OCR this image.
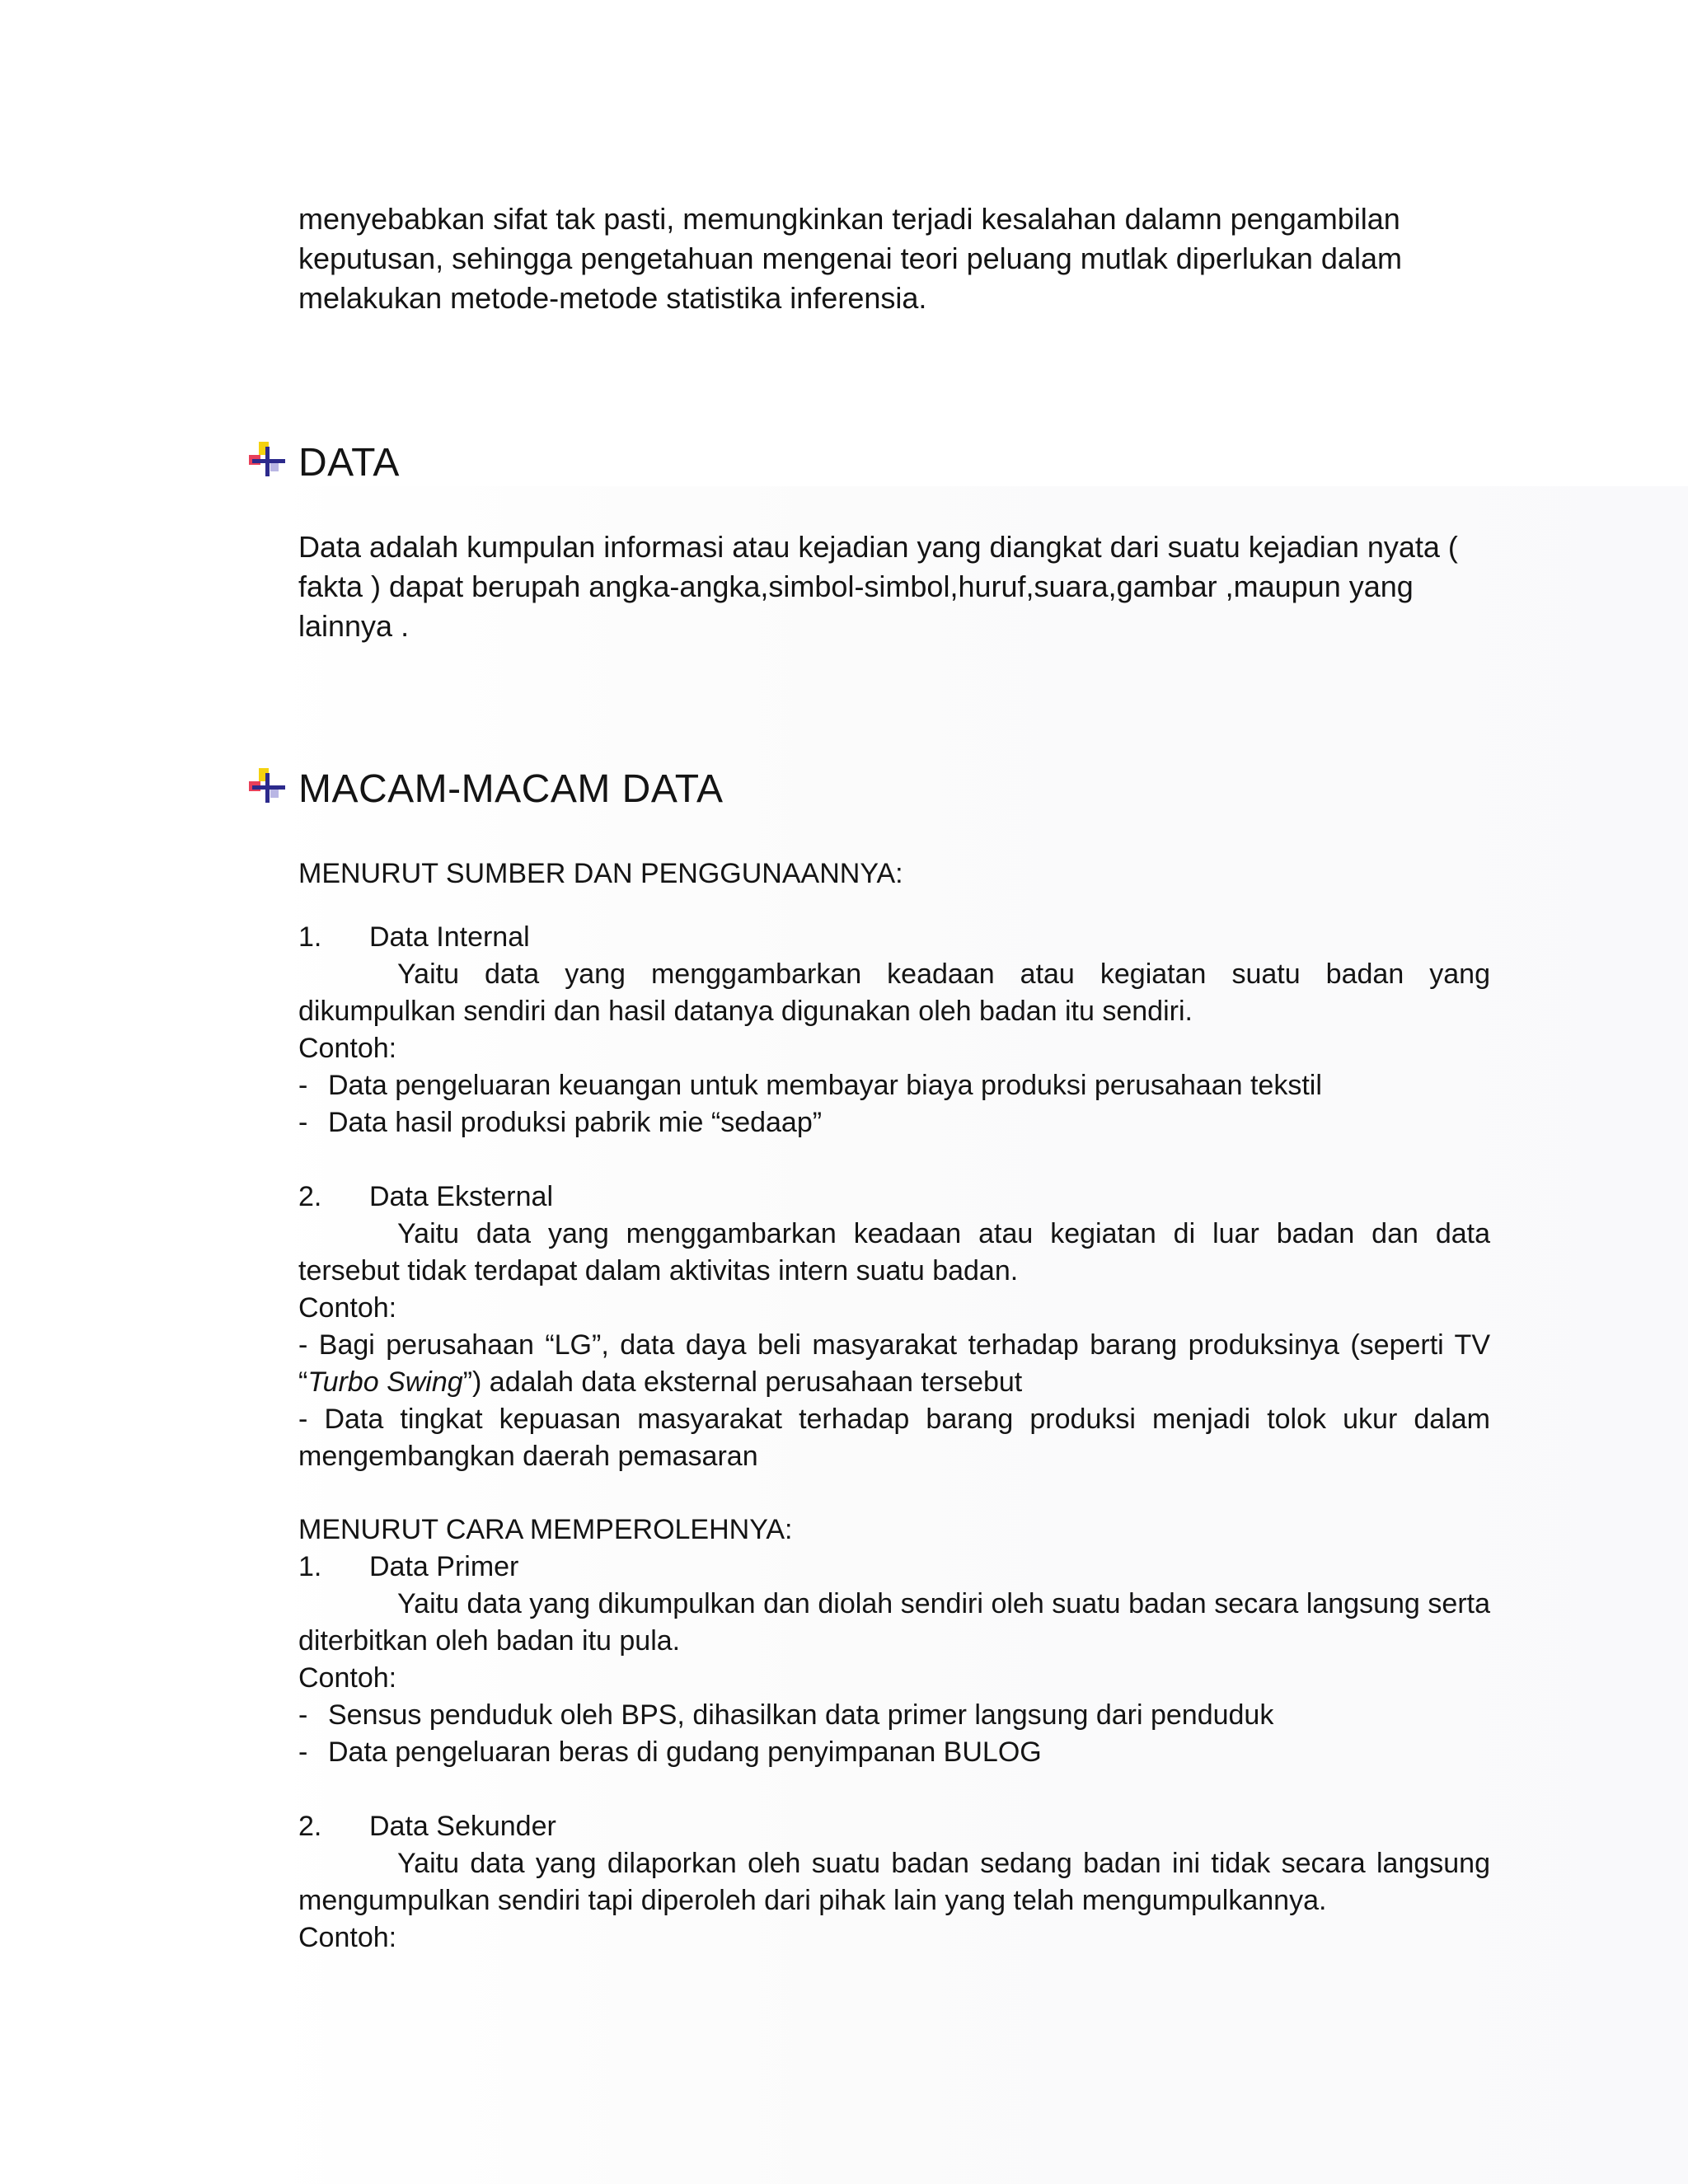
menyebabkan sifat tak pasti, memungkinkan terjadi kesalahan dalamn pengambilan
keputusan, sehingga pengetahuan mengenai teori peluang mutlak diperlukan dalam
melakukan metode-metode statistika inferensia.
DATA
Data adalah kumpulan informasi atau kejadian yang diangkat dari suatu kejadian nyata (
fakta ) dapat berupah angka-angka,simbol-simbol,huruf,suara,gambar ,maupun yang
lainnya .
MACAM-MACAM DATA
MENURUT SUMBER DAN PENGGUNAANNYA:
1. Data Internal
Yaitu data yang menggambarkan keadaan atau kegiatan suatu badan yang dikumpulkan sendiri dan hasil datanya digunakan oleh badan itu sendiri.
Contoh:
- Data pengeluaran keuangan untuk membayar biaya produksi perusahaan tekstil
- Data hasil produksi pabrik mie “sedaap”
2. Data Eksternal
Yaitu data yang menggambarkan keadaan atau kegiatan di luar badan dan data tersebut tidak terdapat dalam aktivitas intern suatu badan.
Contoh:
- Bagi perusahaan “LG”, data daya beli masyarakat terhadap barang produksinya (seperti TV “Turbo Swing”) adalah data eksternal perusahaan tersebut
- Data tingkat kepuasan masyarakat terhadap barang produksi menjadi tolok ukur dalam mengembangkan daerah pemasaran
MENURUT CARA MEMPEROLEHNYA:
1. Data Primer
Yaitu data yang dikumpulkan dan diolah sendiri oleh suatu badan secara langsung serta diterbitkan oleh badan itu pula.
Contoh:
- Sensus penduduk oleh BPS, dihasilkan data primer langsung dari penduduk
- Data pengeluaran beras di gudang penyimpanan BULOG
2. Data Sekunder
Yaitu data yang dilaporkan oleh suatu badan sedang badan ini tidak secara langsung mengumpulkan sendiri tapi diperoleh dari pihak lain yang telah mengumpulkannya.
Contoh:
